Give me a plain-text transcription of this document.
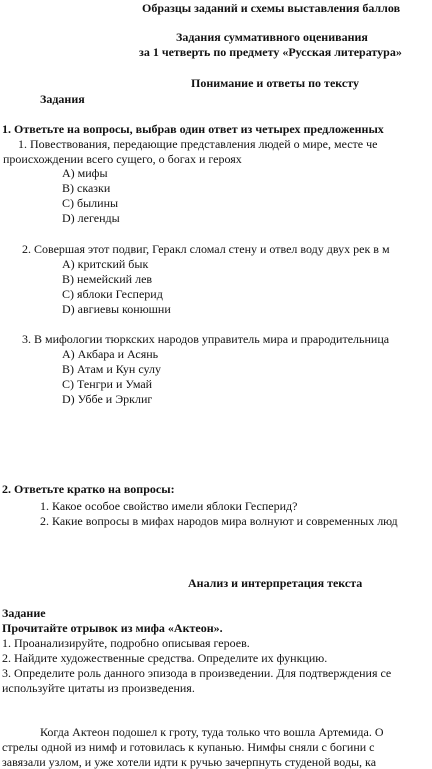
Образцы заданий и схемы выставления баллов
Задания суммативного оценивания
за 1 четверть по предмету «Русская литература»
Понимание и ответы по тексту
Задания
1. Ответьте на вопросы, выбрав один ответ из четырех предложенных
1. Повествования, передающие представления людей о мире, месте че
происхождении всего сущего, о богах и героях
A) мифы
B) сказки
C) былины
D) легенды
2. Совершая этот подвиг, Геракл сломал стену и отвел воду двух рек в м
A) критский бык
B) немейский лев
C) яблоки Гесперид
D) авгиевы конюшни
3. В мифологии тюркских народов управитель мира и прародительница
A) Акбара и Асянь
B) Атам и Кун сулу
C) Тенгри и Умай
D) Уббе и Эрклиг
2. Ответьте кратко на вопросы:
1. Какое особое свойство имели яблоки Гесперид?
2. Какие вопросы в мифах народов мира волнуют и современных люд
Анализ и интерпретация текста
Задание
Прочитайте отрывок из мифа «Актеон».
1. Проанализируйте, подробно описывая героев.
2. Найдите художественные средства. Определите их функцию.
3. Определите роль данного эпизода в произведении. Для подтверждения се
используйте цитаты из произведения.
Когда Актеон подошел к гроту, туда только что вошла Артемида. О
стрелы одной из нимф и готовилась к купанью. Нимфы сняли с богини с
завязали узлом, и уже хотели идти к ручью зачерпнуть студеной воды, ка
